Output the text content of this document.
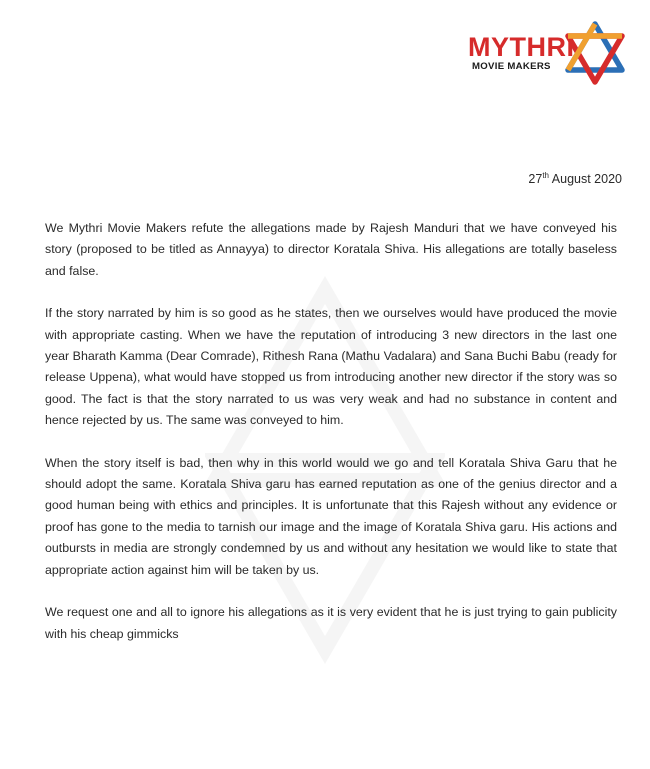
MYTHRI
MOVIE MAKERS
27th August 2020

We Mythri Movie Makers refute the allegations made by Rajesh Manduri that we have conveyed his story (proposed to be titled as Annayya) to director Koratala Shiva. His allegations are totally baseless and false.

If the story narrated by him is so good as he states, then we ourselves would have produced the movie with appropriate casting. When we have the reputation of introducing 3 new directors in the last one year Bharath Kamma (Dear Comrade), Rithesh Rana (Mathu Vadalara) and Sana Buchi Babu (ready for release Uppena), what would have stopped us from introducing another new director if the story was so good. The fact is that the story narrated to us was very weak and had no substance in content and hence rejected by us. The same was conveyed to him.

When the story itself is bad, then why in this world would we go and tell Koratala Shiva Garu that he should adopt the same. Koratala Shiva garu has earned reputation as one of the genius director and a good human being with ethics and principles. It is unfortunate that this Rajesh without any evidence or proof has gone to the media to tarnish our image and the image of Koratala Shiva garu. His actions and outbursts in media are strongly condemned by us and without any hesitation we would like to state that appropriate action against him will be taken by us.

We request one and all to ignore his allegations as it is very evident that he is just trying to gain publicity with his cheap gimmicks
